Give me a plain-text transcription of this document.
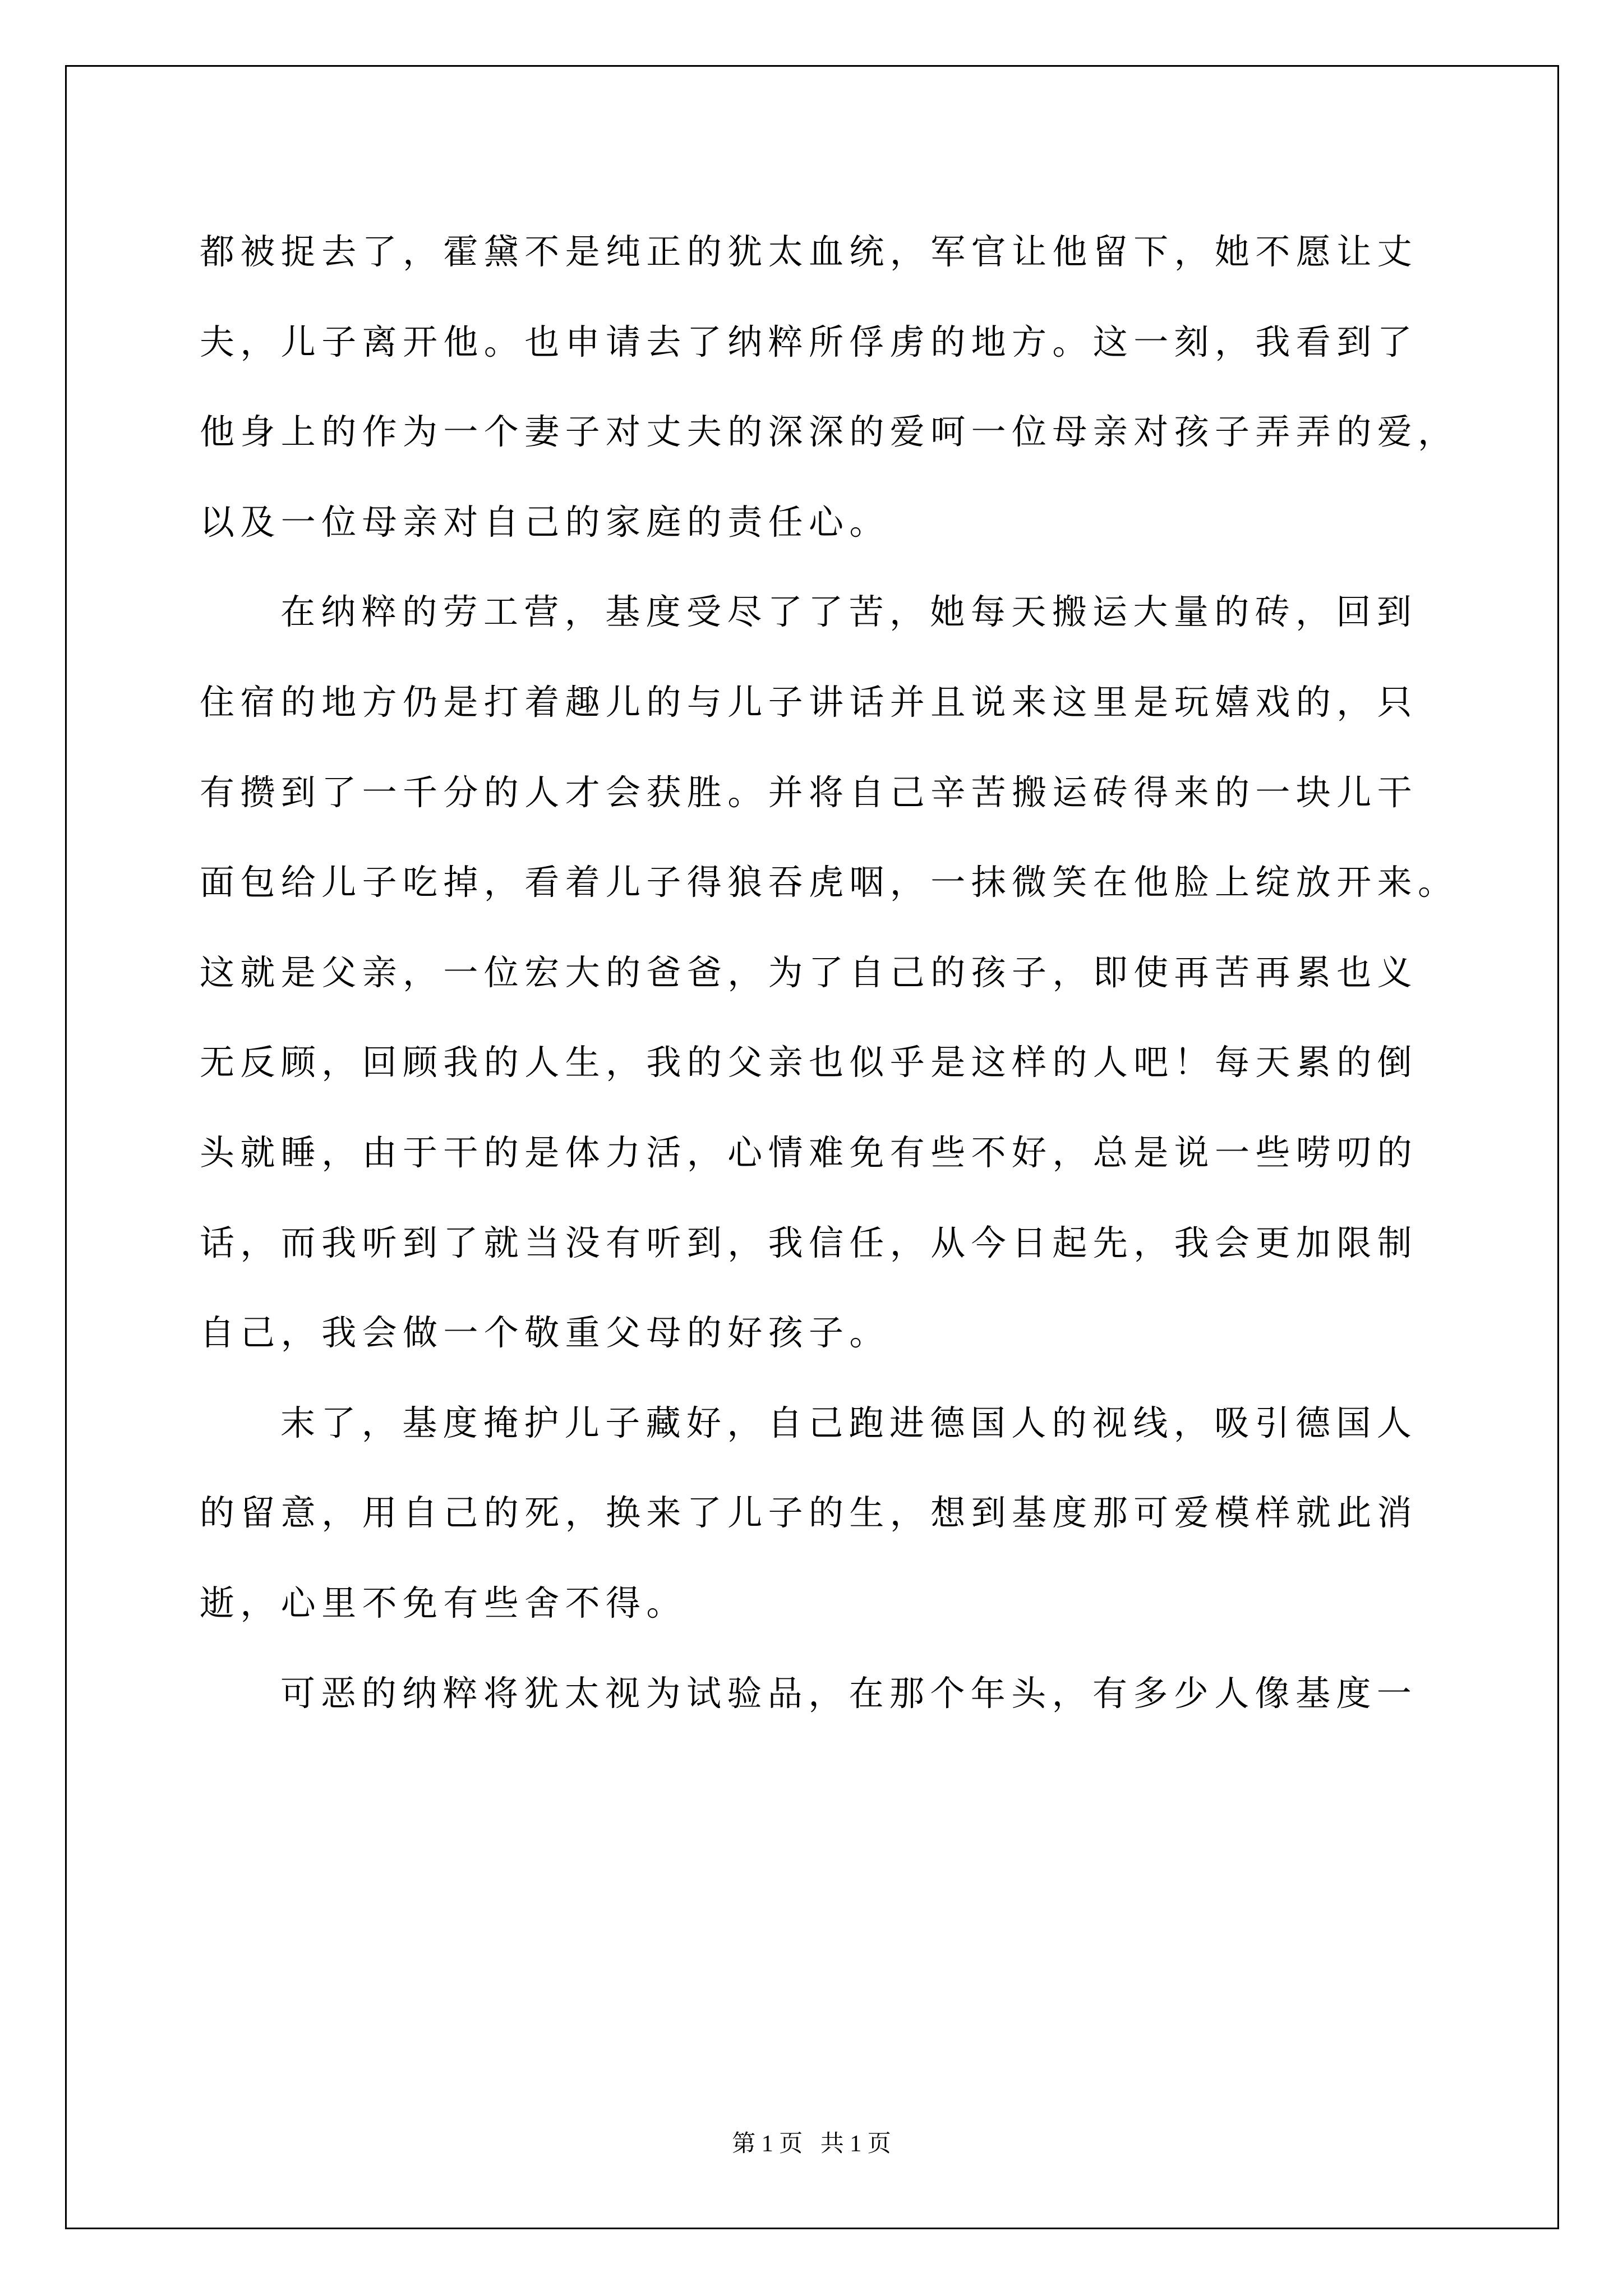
都被捉去了，霍黛不是纯正的犹太血统，军官让他留下，她不愿让丈

夫，儿子离开他。也申请去了纳粹所俘虏的地方。这一刻，我看到了

他身上的作为一个妻子对丈夫的深深的爱呵一位母亲对孩子弄弄的爱，

以及一位母亲对自己的家庭的责任心。

在纳粹的劳工营，基度受尽了了苦，她每天搬运大量的砖，回到

住宿的地方仍是打着趣儿的与儿子讲话并且说来这里是玩嬉戏的，只

有攒到了一千分的人才会获胜。并将自己辛苦搬运砖得来的一块儿干

面包给儿子吃掉，看着儿子得狼吞虎咽，一抹微笑在他脸上绽放开来。

这就是父亲，一位宏大的爸爸，为了自己的孩子，即使再苦再累也义

无反顾，回顾我的人生，我的父亲也似乎是这样的人吧！每天累的倒

头就睡，由于干的是体力活，心情难免有些不好，总是说一些唠叨的

话，而我听到了就当没有听到，我信任，从今日起先，我会更加限制

自己，我会做一个敬重父母的好孩子。

末了，基度掩护儿子藏好，自己跑进德国人的视线，吸引德国人

的留意，用自己的死，换来了儿子的生，想到基度那可爱模样就此消

逝，心里不免有些舍不得。

可恶的纳粹将犹太视为试验品，在那个年头，有多少人像基度一

第 1 页   共 1 页
